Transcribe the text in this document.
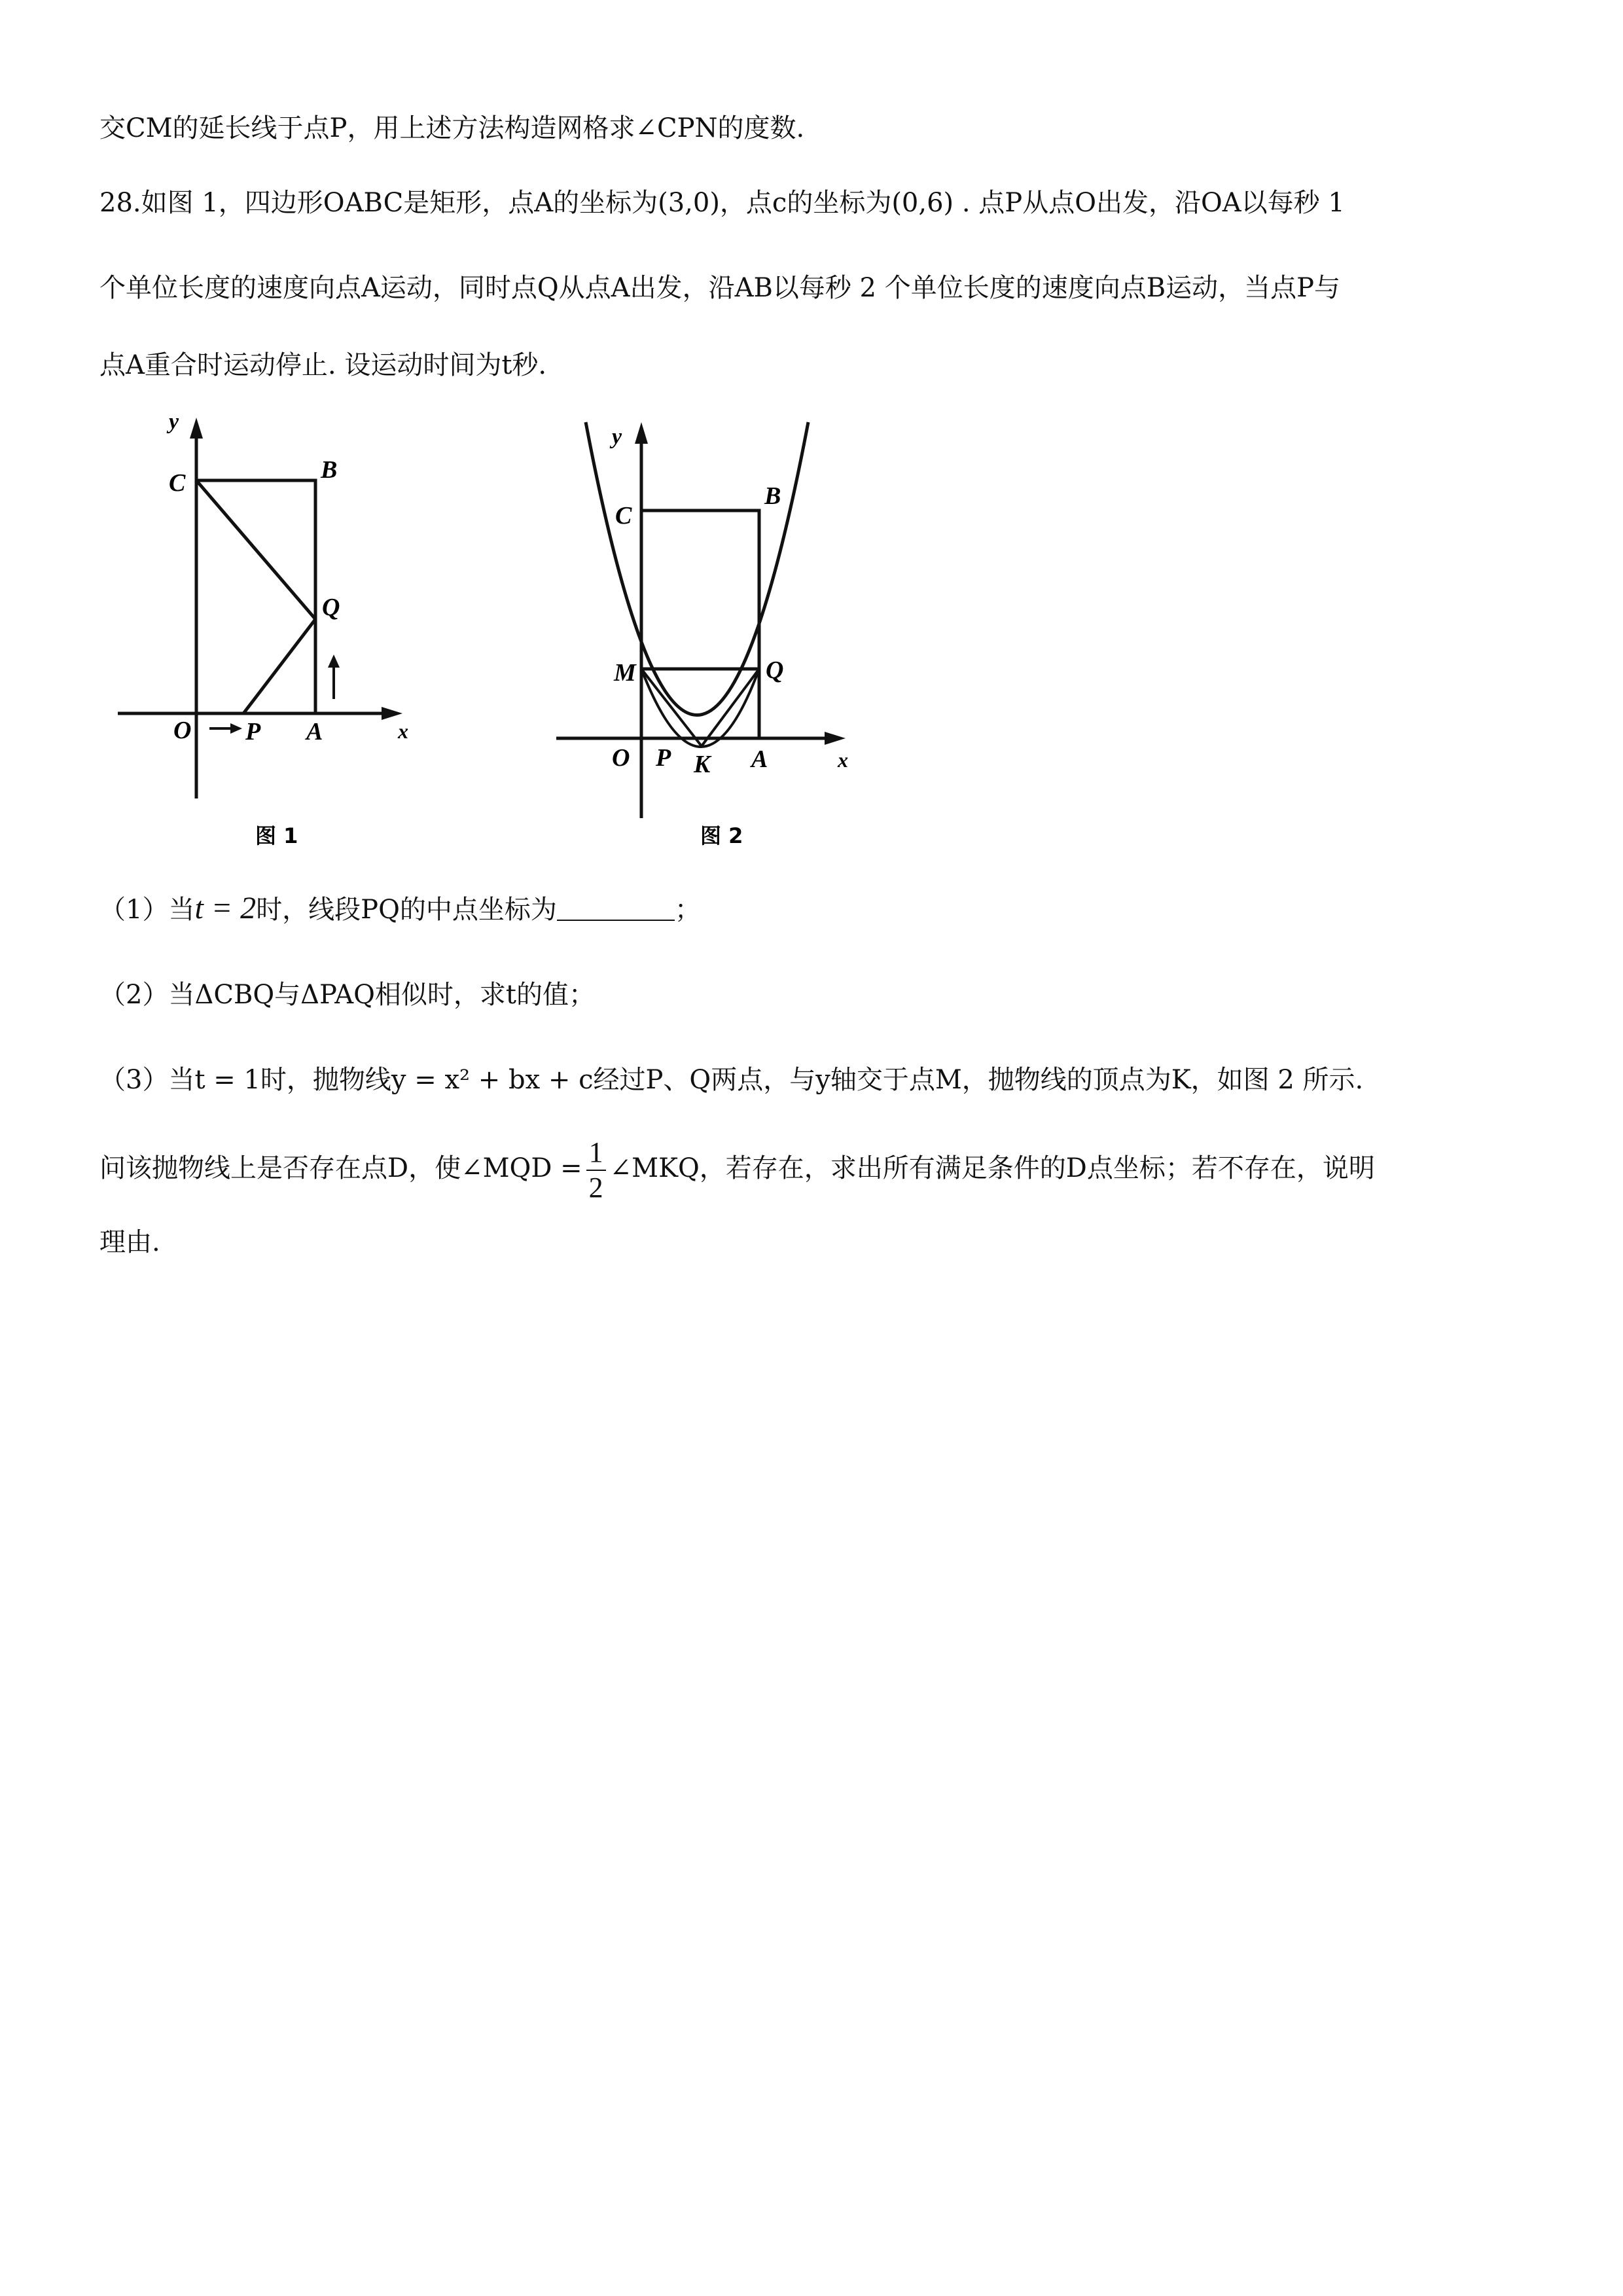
交CM的延长线于点P，用上述方法构造网格求∠CPN的度数.
28.如图 1，四边形OABC是矩形，点A的坐标为(3,0)，点c的坐标为(0,6) . 点P从点O出发，沿OA以每秒 1
个单位长度的速度向点A运动，同时点Q从点A出发，沿AB以每秒 2 个单位长度的速度向点B运动，当点P与
点A重合时运动停止. 设运动时间为t秒.
y
C	B
Q
O P A	x
图 1
y
C
B
M	Q
O P K A	x
图 2
（1）当t = 2时，线段PQ的中点坐标为	；
（2）当ΔCBQ与ΔPAQ相似时，求t的值；
（3）当t = 1时，抛物线y = x² + bx + c经过P、Q两点，与y轴交于点M，抛物线的顶点为K，如图 2 所示.
问该抛物线上是否存在点D，使∠MQD = $\frac{1}{2}$ ∠MKQ，若存在，求出所有满足条件的D点坐标；若不存在，说明
理由.
